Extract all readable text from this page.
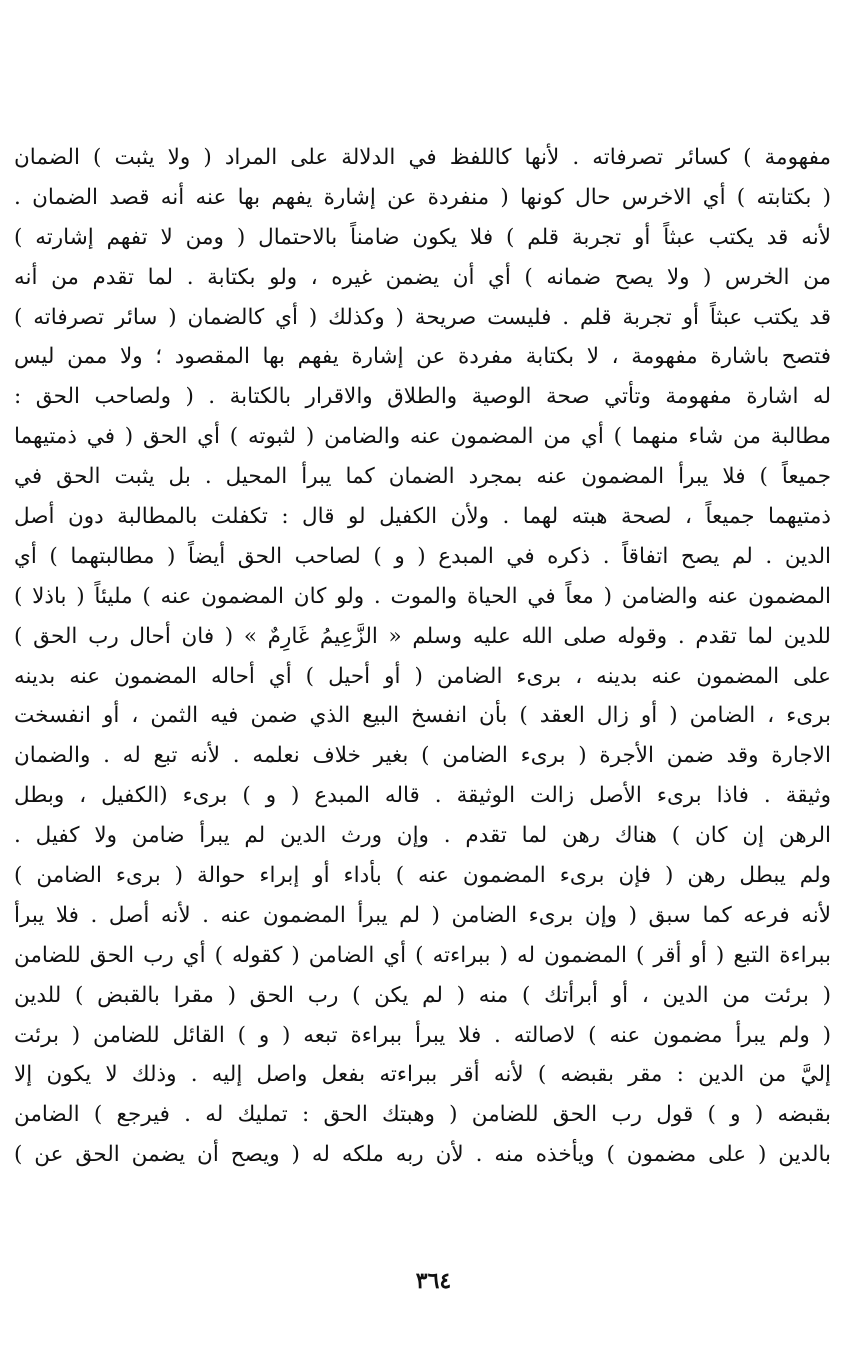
مفهومة ) كسائر تصرفاته . لأنها كاللفظ في الدلالة على المراد ( ولا يثبت ) الضمان
( بكتابته ) أي الاخرس حال كونها ( منفردة عن إشارة يفهم بها عنه أنه قصد الضمان .
لأنه قد يكتب عبثاً أو تجربة قلم ) فلا يكون ضامناً بالاحتمال ( ومن لا تفهم إشارته )
من الخرس ( ولا يصح ضمانه ) أي أن يضمن غيره ، ولو بكتابة . لما تقدم من أنه
قد يكتب عبثاً أو تجربة قلم . فليست صريحة ( وكذلك ( أي كالضمان ( سائر تصرفاته )
فتصح باشارة مفهومة ، لا بكتابة مفردة عن إشارة يفهم بها المقصود ؛ ولا ممن ليس
له اشارة مفهومة وتأتي صحة الوصية والطلاق والاقرار بالكتابة . ( ولصاحب الحق :
مطالبة من شاء منهما ) أي من المضمون عنه والضامن ( لثبوته ) أي الحق ( في ذمتيهما
جميعاً ) فلا يبرأ المضمون عنه بمجرد الضمان كما يبرأ المحيل . بل يثبت الحق في
ذمتيهما جميعاً ، لصحة هبته لهما . ولأن الكفيل لو قال : تكفلت بالمطالبة دون أصل
الدين . لم يصح اتفاقاً . ذكره في المبدع ( و ) لصاحب الحق أيضاً ( مطالبتهما ) أي
المضمون عنه والضامن ( معاً في الحياة والموت . ولو كان المضمون عنه ) مليئاً ( باذلا )
للدين لما تقدم . وقوله صلى الله عليه وسلم « الزَّعِيمُ غَارِمٌ » ( فان أحال رب الحق )
على المضمون عنه بدينه ، برىء الضامن ( أو أحيل ) أي أحاله المضمون عنه بدينه
برىء ، الضامن ( أو زال العقد ) بأن انفسخ البيع الذي ضمن فيه الثمن ، أو انفسخت
الاجارة وقد ضمن الأجرة ( برىء الضامن ) بغير خلاف نعلمه . لأنه تبع له . والضمان
وثيقة . فاذا برىء الأصل زالت الوثيقة . قاله المبدع ( و ) برىء (الكفيل ، وبطل
الرهن إن كان ) هناك رهن لما تقدم . وإن ورث الدين لم يبرأ ضامن ولا كفيل .
ولم يبطل رهن ( فإن برىء المضمون عنه ) بأداء أو إبراء حوالة ( برىء الضامن )
لأنه فرعه كما سبق ( وإن برىء الضامن ( لم يبرأ المضمون عنه . لأنه أصل . فلا يبرأ
ببراءة التبع ( أو أقر ) المضمون له ( ببراءته ) أي الضامن ( كقوله ) أي رب الحق للضامن
( برئت من الدين ، أو أبرأتك ) منه ( لم يكن ) رب الحق ( مقرا بالقبض ) للدين
( ولم يبرأ مضمون عنه ) لاصالته . فلا يبرأ ببراءة تبعه ( و ) القائل للضامن ( برئت
إليَّ من الدين : مقر بقبضه ) لأنه أقر ببراءته بفعل واصل إليه . وذلك لا يكون إلا
بقبضه ( و ) قول رب الحق للضامن ( وهبتك الحق : تمليك له . فيرجع ) الضامن
بالدين ( على مضمون ) ويأخذه منه . لأن ربه ملكه له ( ويصح أن يضمن الحق عن )
٣٦٤
